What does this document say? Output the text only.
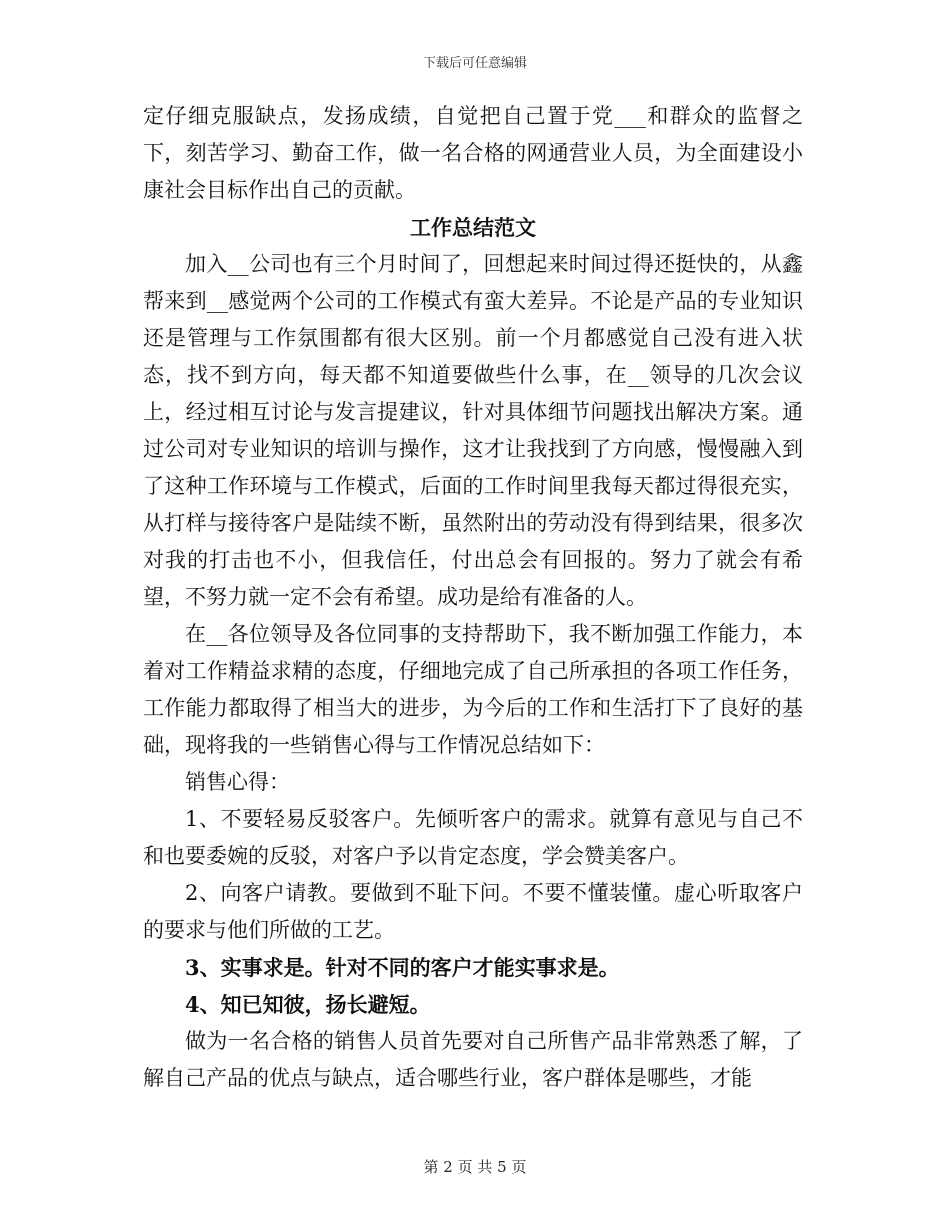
下载后可任意编辑

定仔细克服缺点，发扬成绩，自觉把自己置于党___和群众的监督之下，刻苦学习、勤奋工作，做一名合格的网通营业人员，为全面建设小康社会目标作出自己的贡献。

工作总结范文

加入__公司也有三个月时间了，回想起来时间过得还挺快的，从鑫帮来到__感觉两个公司的工作模式有蛮大差异。不论是产品的专业知识还是管理与工作氛围都有很大区别。前一个月都感觉自己没有进入状态，找不到方向，每天都不知道要做些什么事，在__领导的几次会议上，经过相互讨论与发言提建议，针对具体细节问题找出解决方案。通过公司对专业知识的培训与操作，这才让我找到了方向感，慢慢融入到了这种工作环境与工作模式，后面的工作时间里我每天都过得很充实，从打样与接待客户是陆续不断，虽然附出的劳动没有得到结果，很多次对我的打击也不小，但我信任，付出总会有回报的。努力了就会有希望，不努力就一定不会有希望。成功是给有准备的人。

在__各位领导及各位同事的支持帮助下，我不断加强工作能力，本着对工作精益求精的态度，仔细地完成了自己所承担的各项工作任务，工作能力都取得了相当大的进步，为今后的工作和生活打下了良好的基础，现将我的一些销售心得与工作情况总结如下：

销售心得：

1、不要轻易反驳客户。先倾听客户的需求。就算有意见与自己不和也要委婉的反驳，对客户予以肯定态度，学会赞美客户。

2、向客户请教。要做到不耻下问。不要不懂装懂。虚心听取客户的要求与他们所做的工艺。

3、实事求是。针对不同的客户才能实事求是。

4、知已知彼，扬长避短。

做为一名合格的销售人员首先要对自己所售产品非常熟悉了解，了解自己产品的优点与缺点，适合哪些行业，客户群体是哪些，才能

第 2 页 共 5 页
